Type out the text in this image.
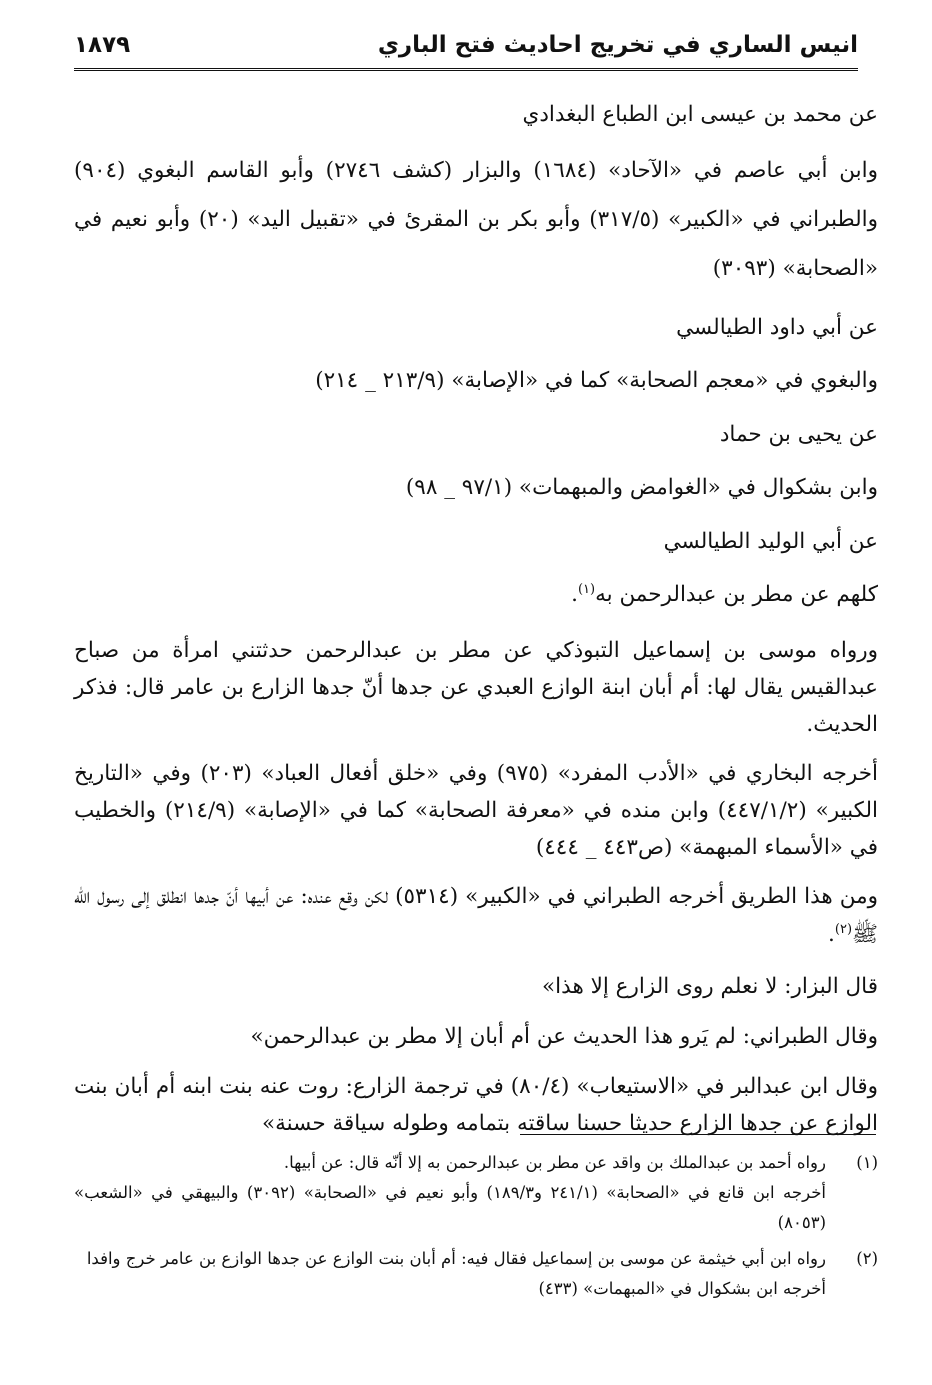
انيس الساري في تخريج احاديث فتح الباري
١٨٧٩

عن محمد بن عيسى ابن الطباع البغدادي

وابن أبي عاصم في «الآحاد» (١٦٨٤) والبزار (كشف ٢٧٤٦) وأبو القاسم البغوي (٩٠٤) والطبراني في «الكبير» (٣١٧/٥) وأبو بكر بن المقرئ في «تقبيل اليد» (٢٠) وأبو نعيم في «الصحابة» (٣٠٩٣)

عن أبي داود الطيالسي

والبغوي في «معجم الصحابة» كما في «الإصابة» (٢١٣/٩ _ ٢١٤)

عن يحيى بن حماد

وابن بشكوال في «الغوامض والمبهمات» (٩٧/١ _ ٩٨)

عن أبي الوليد الطيالسي

كلهم عن مطر بن عبدالرحمن به$^{(١)}$.

ورواه موسى بن إسماعيل التبوذكي عن مطر بن عبدالرحمن حدثتني امرأة من صباح عبدالقيس يقال لها: أم أبان ابنة الوازع العبدي عن جدها أنّ جدها الزارع بن عامر قال: فذكر الحديث.

أخرجه البخاري في «الأدب المفرد» (٩٧٥) وفي «خلق أفعال العباد» (٢٠٣) وفي «التاريخ الكبير» (٤٤٧/١/٢) وابن منده في «معرفة الصحابة» كما في «الإصابة» (٢١٤/٩) والخطيب في «الأسماء المبهمة» (ص٤٤٣ _ ٤٤٤)

ومن هذا الطريق أخرجه الطبراني في «الكبير» (٥٣١٤) لكن وقع عنده: عن أبيها أنّ جدها انطلق إلى رسول الله ﷺ$^{(٢)}$.

قال البزار: لا نعلم روى الزارع إلا هذا»

وقال الطبراني: لم يَرو هذا الحديث عن أم أبان إلا مطر بن عبدالرحمن»

وقال ابن عبدالبر في «الاستيعاب» (٨٠/٤) في ترجمة الزارع: روت عنه بنت ابنه أم أبان بنت الوازع عن جدها الزارع حديثا حسنا ساقته بتمامه وطوله سياقة حسنة»

(١)

رواه أحمد بن عبدالملك بن واقد عن مطر بن عبدالرحمن به إلا أنّه قال: عن أبيها.

أخرجه ابن قانع في «الصحابة» (٢٤١/١ و١٨٩/٣) وأبو نعيم في «الصحابة» (٣٠٩٢) والبيهقي في «الشعب» (٨٠٥٣)

(٢)

رواه ابن أبي خيثمة عن موسى بن إسماعيل فقال فيه: أم أبان بنت الوازع عن جدها الوازع بن عامر خرج وافدا

أخرجه ابن بشكوال في «المبهمات» (٤٣٣)
